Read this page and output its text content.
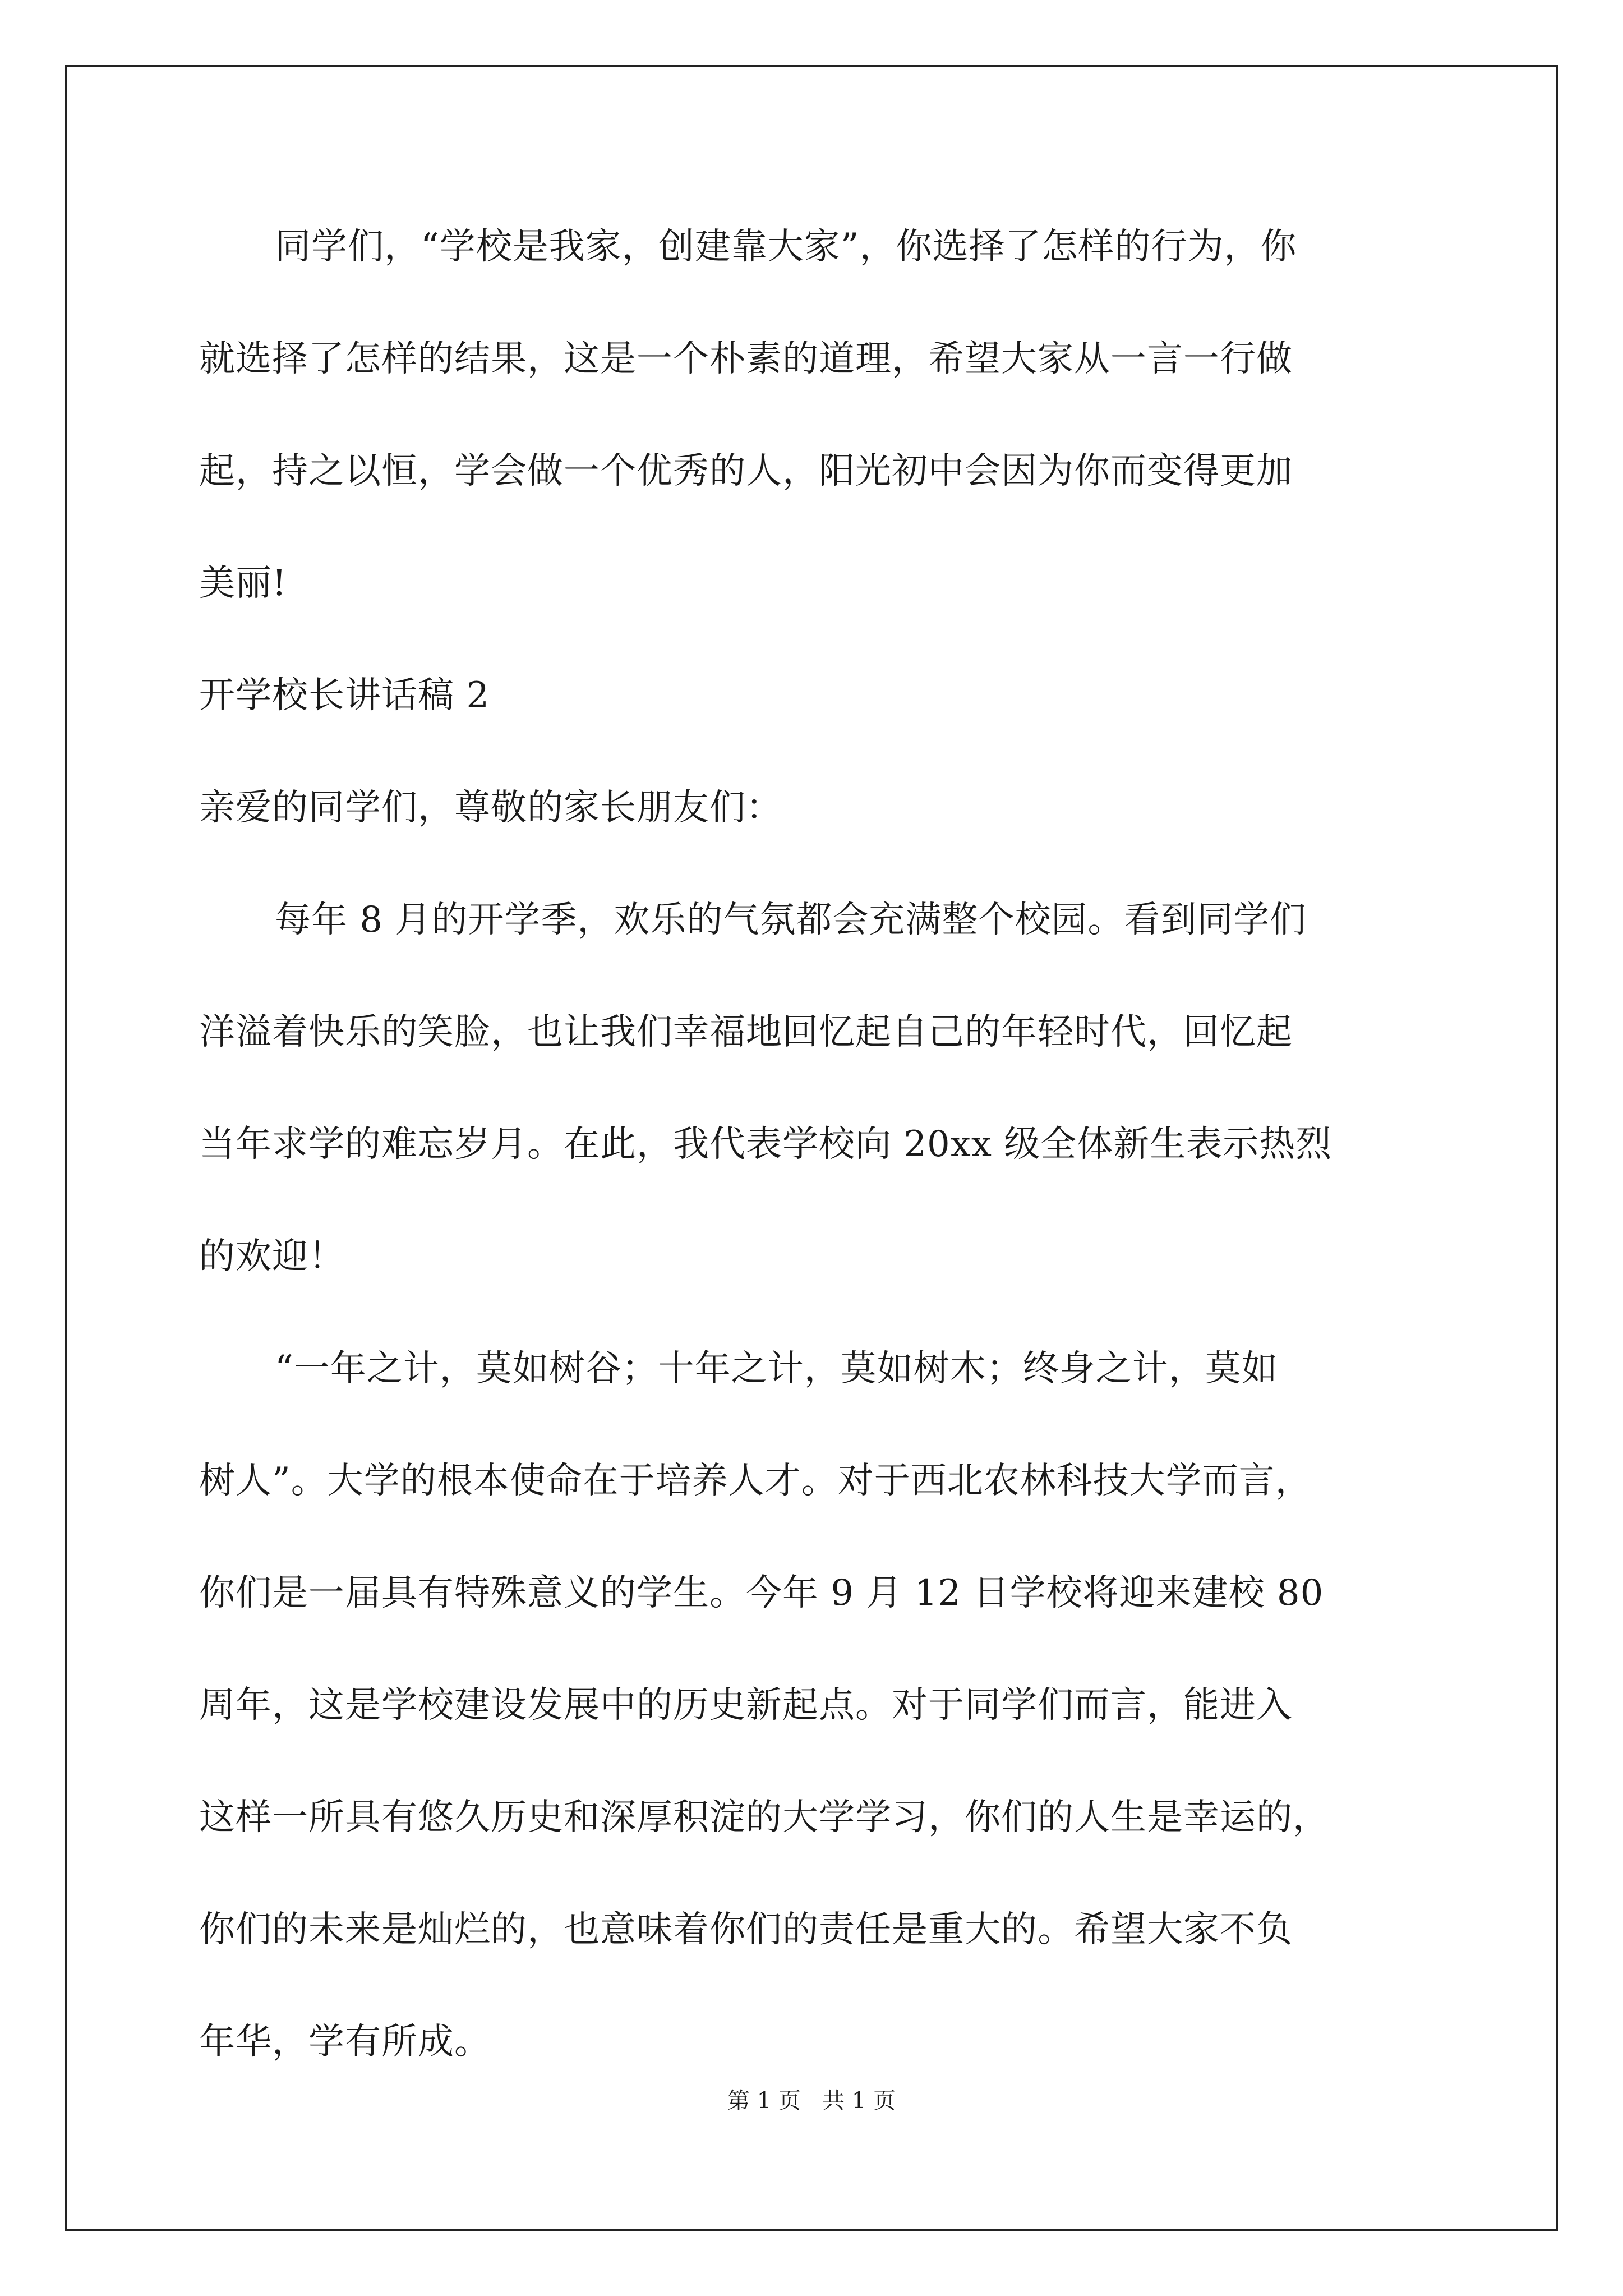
同学们，“学校是我家，创建靠大家”，你选择了怎样的行为，你
就选择了怎样的结果，这是一个朴素的道理，希望大家从一言一行做
起，持之以恒，学会做一个优秀的人，阳光初中会因为你而变得更加
美丽!
开学校长讲话稿 2
亲爱的同学们，尊敬的家长朋友们：
每年 8 月的开学季，欢乐的气氛都会充满整个校园。看到同学们
洋溢着快乐的笑脸，也让我们幸福地回忆起自己的年轻时代，回忆起
当年求学的难忘岁月。在此，我代表学校向 20xx 级全体新生表示热烈
的欢迎！
“一年之计，莫如树谷；十年之计，莫如树木；终身之计，莫如
树人”。大学的根本使命在于培养人才。对于西北农林科技大学而言，
你们是一届具有特殊意义的学生。今年 9 月 12 日学校将迎来建校 80
周年，这是学校建设发展中的历史新起点。对于同学们而言，能进入
这样一所具有悠久历史和深厚积淀的大学学习，你们的人生是幸运的，
你们的未来是灿烂的，也意味着你们的责任是重大的。希望大家不负
年华，学有所成。
第 1 页   共 1 页
